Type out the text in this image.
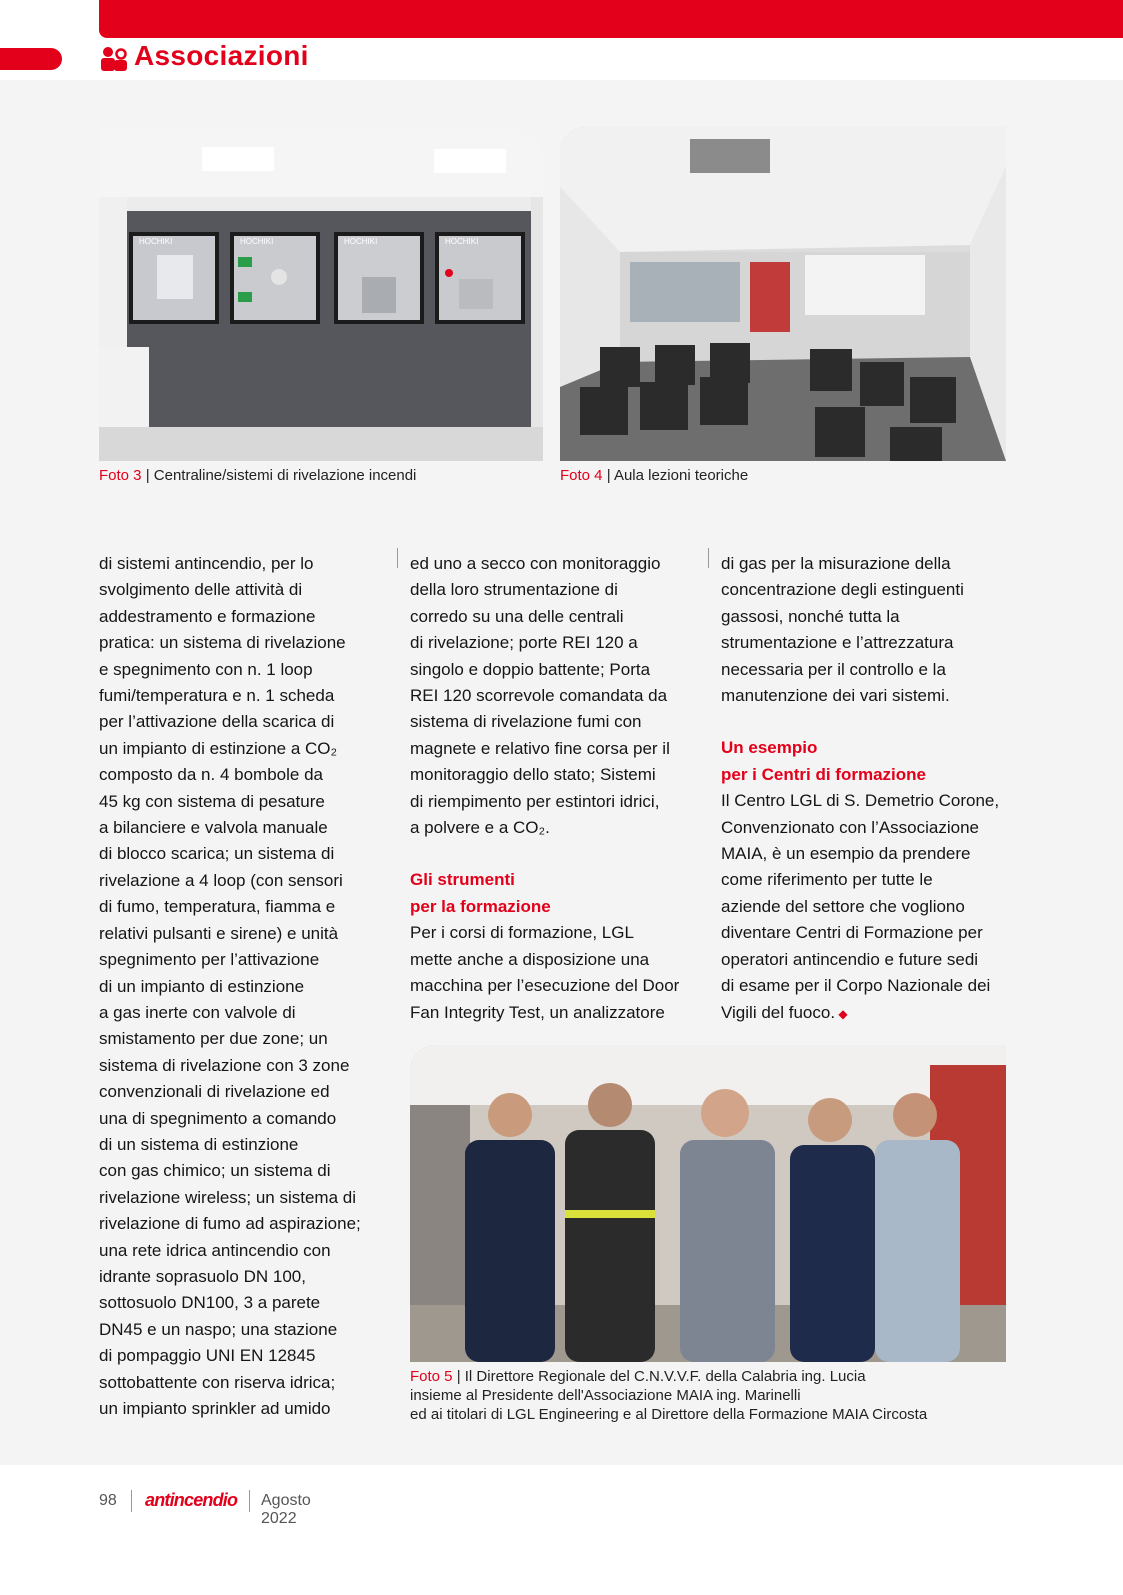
Associazioni
HOCHIKI	HOCHIKI	HOCHIKI	HOCHIKI
Foto 3 | Centraline/sistemi di rivelazione incendi	Foto 4 | Aula lezioni teoriche
di sistemi antincendio, per lo
svolgimento delle attività di
addestramento e formazione
pratica: un sistema di rivelazione
e spegnimento con n. 1 loop
fumi/temperatura e n. 1 scheda
per l’attivazione della scarica di
un impianto di estinzione a CO₂
composto da n. 4 bombole da
45 kg con sistema di pesature
a bilanciere e valvola manuale
di blocco scarica; un sistema di
rivelazione a 4 loop (con sensori
di fumo, temperatura, fiamma e
relativi pulsanti e sirene) e unità
spegnimento per l’attivazione
di un impianto di estinzione
a gas inerte con valvole di
smistamento per due zone; un
sistema di rivelazione con 3 zone
convenzionali di rivelazione ed
una di spegnimento a comando
di un sistema di estinzione
con gas chimico; un sistema di
rivelazione wireless; un sistema di
rivelazione di fumo ad aspirazione;
una rete idrica antincendio con
idrante soprasuolo DN 100,
sottosuolo DN100, 3 a parete
DN45 e un naspo; una stazione
di pompaggio UNI EN 12845
sottobattente con riserva idrica;
un impianto sprinkler ad umido
ed uno a secco con monitoraggio
della loro strumentazione di
corredo su una delle centrali
di rivelazione; porte REI 120 a
singolo e doppio battente; Porta
REI 120 scorrevole comandata da
sistema di rivelazione fumi con
magnete e relativo fine corsa per il
monitoraggio dello stato; Sistemi
di riempimento per estintori idrici,
a polvere e a CO₂.
Gli strumenti
per la formazione
Per i corsi di formazione, LGL
mette anche a disposizione una
macchina per l’esecuzione del Door
Fan Integrity Test, un analizzatore
di gas per la misurazione della
concentrazione degli estinguenti
gassosi, nonché tutta la
strumentazione e l’attrezzatura
necessaria per il controllo e la
manutenzione dei vari sistemi.
Un esempio
per i Centri di formazione
Il Centro LGL di S. Demetrio Corone,
Convenzionato con l’Associazione
MAIA, è un esempio da prendere
come riferimento per tutte le
aziende del settore che vogliono
diventare Centri di Formazione per
operatori antincendio e future sedi
di esame per il Corpo Nazionale dei
Vigili del fuoco. ◆
Foto 5 | Il Direttore Regionale del C.N.V.V.F. della Calabria ing. Lucia
insieme al Presidente dell'Associazione MAIA ing. Marinelli
ed ai titolari di LGL Engineering e al Direttore della Formazione MAIA Circosta
98 antincendio Agosto 2022
